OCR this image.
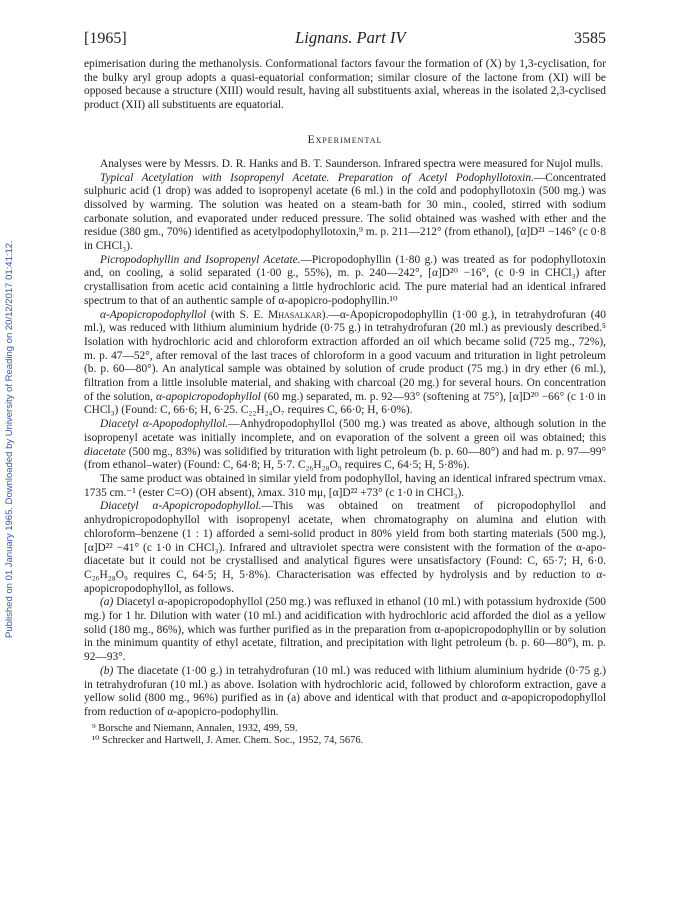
Published on 01 January 1965. Downloaded by University of Reading on 20/12/2017 01:41:12.
[1965]	Lignans. Part IV	3585

epimerisation during the methanolysis. Conformational factors favour the formation of (X) by 1,3-cyclisation, for the bulky aryl group adopts a quasi-equatorial conformation; similar closure of the lactone from (XI) will be opposed because a structure (XIII) would result, having all substituents axial, whereas in the isolated 2,3-cyclised product (XII) all substituents are equatorial.

Experimental

Analyses were by Messrs. D. R. Hanks and B. T. Saunderson. Infrared spectra were measured for Nujol mulls.

Typical Acetylation with Isopropenyl Acetate. Preparation of Acetyl Podophyllotoxin.—Concentrated sulphuric acid (1 drop) was added to isopropenyl acetate (6 ml.) in the cold and podophyllotoxin (500 mg.) was dissolved by warming. The solution was heated on a steam-bath for 30 min., cooled, stirred with sodium carbonate solution, and evaporated under reduced pressure. The solid obtained was washed with ether and the residue (380 gm., 70%) identified as acetylpodophyllotoxin,⁹ m. p. 211—212° (from ethanol), [α]D²¹ −146° (c 0·8 in CHCl₃).

Picropodophyllin and Isopropenyl Acetate.—Picropodophyllin (1·80 g.) was treated as for podophyllotoxin and, on cooling, a solid separated (1·00 g., 55%), m. p. 240—242°, [α]D²⁰ −16°, (c 0·9 in CHCl₃) after crystallisation from acetic acid containing a little hydrochloric acid. The pure material had an identical infrared spectrum to that of an authentic sample of α-apopicro-podophyllin.¹⁰

α-Apopicropodophyllol (with S. E. Mhasalkar).—α-Apopicropodophyllin (1·00 g.), in tetrahydrofuran (40 ml.), was reduced with lithium aluminium hydride (0·75 g.) in tetrahydrofuran (20 ml.) as previously described.⁵ Isolation with hydrochloric acid and chloroform extraction afforded an oil which became solid (725 mg., 72%), m. p. 47—52°, after removal of the last traces of chloroform in a good vacuum and trituration in light petroleum (b. p. 60—80°). An analytical sample was obtained by solution of crude product (75 mg.) in dry ether (6 ml.), filtration from a little insoluble material, and shaking with charcoal (20 mg.) for several hours. On concentration of the solution, α-apopicropodophyllol (60 mg.) separated, m. p. 92—93° (softening at 75°), [α]D²⁰ −66° (c 1·0 in CHCl₃) (Found: C, 66·6; H, 6·25. C₂₂H₂₄O₇ requires C, 66·0; H, 6·0%).

Diacetyl α-Apopodophyllol.—Anhydropodophyllol (500 mg.) was treated as above, although solution in the isopropenyl acetate was initially incomplete, and on evaporation of the solvent a green oil was obtained; this diacetate (500 mg., 83%) was solidified by trituration with light petroleum (b. p. 60—80°) and had m. p. 97—99° (from ethanol–water) (Found: C, 64·8; H, 5·7. C₂₆H₂₈O₉ requires C, 64·5; H, 5·8%).

The same product was obtained in similar yield from podophyllol, having an identical infrared spectrum νmax. 1735 cm.⁻¹ (ester C=O) (OH absent), λmax. 310 mμ, [α]D²² +73° (c 1·0 in CHCl₃).

Diacetyl α-Apopicropodophyllol.—This was obtained on treatment of picropodophyllol and anhydropicropodophyllol with isopropenyl acetate, when chromatography on alumina and elution with chloroform–benzene (1 : 1) afforded a semi-solid product in 80% yield from both starting materials (500 mg.), [α]D²² −41° (c 1·0 in CHCl₃). Infrared and ultraviolet spectra were consistent with the formation of the α-apo-diacetate but it could not be crystallised and analytical figures were unsatisfactory (Found: C, 65·7; H, 6·0. C₂₆H₂₈O₉ requires C, 64·5; H, 5·8%). Characterisation was effected by hydrolysis and by reduction to α-apopicropodophyllol, as follows.

(a) Diacetyl α-apopicropodophyllol (250 mg.) was refluxed in ethanol (10 ml.) with potassium hydroxide (500 mg.) for 1 hr. Dilution with water (10 ml.) and acidification with hydrochloric acid afforded the diol as a yellow solid (180 mg., 86%), which was further purified as in the preparation from α-apopicropodophyllin or by solution in the minimum quantity of ethyl acetate, filtration, and precipitation with light petroleum (b. p. 60—80°), m. p. 92—93°.

(b) The diacetate (1·00 g.) in tetrahydrofuran (10 ml.) was reduced with lithium aluminium hydride (0·75 g.) in tetrahydrofuran (10 ml.) as above. Isolation with hydrochloric acid, followed by chloroform extraction, gave a yellow solid (800 mg., 96%) purified as in (a) above and identical with that product and α-apopicropodophyllol from reduction of α-apopicro-podophyllin.

⁹ Borsche and Niemann, Annalen, 1932, 499, 59.
¹⁰ Schrecker and Hartwell, J. Amer. Chem. Soc., 1952, 74, 5676.
